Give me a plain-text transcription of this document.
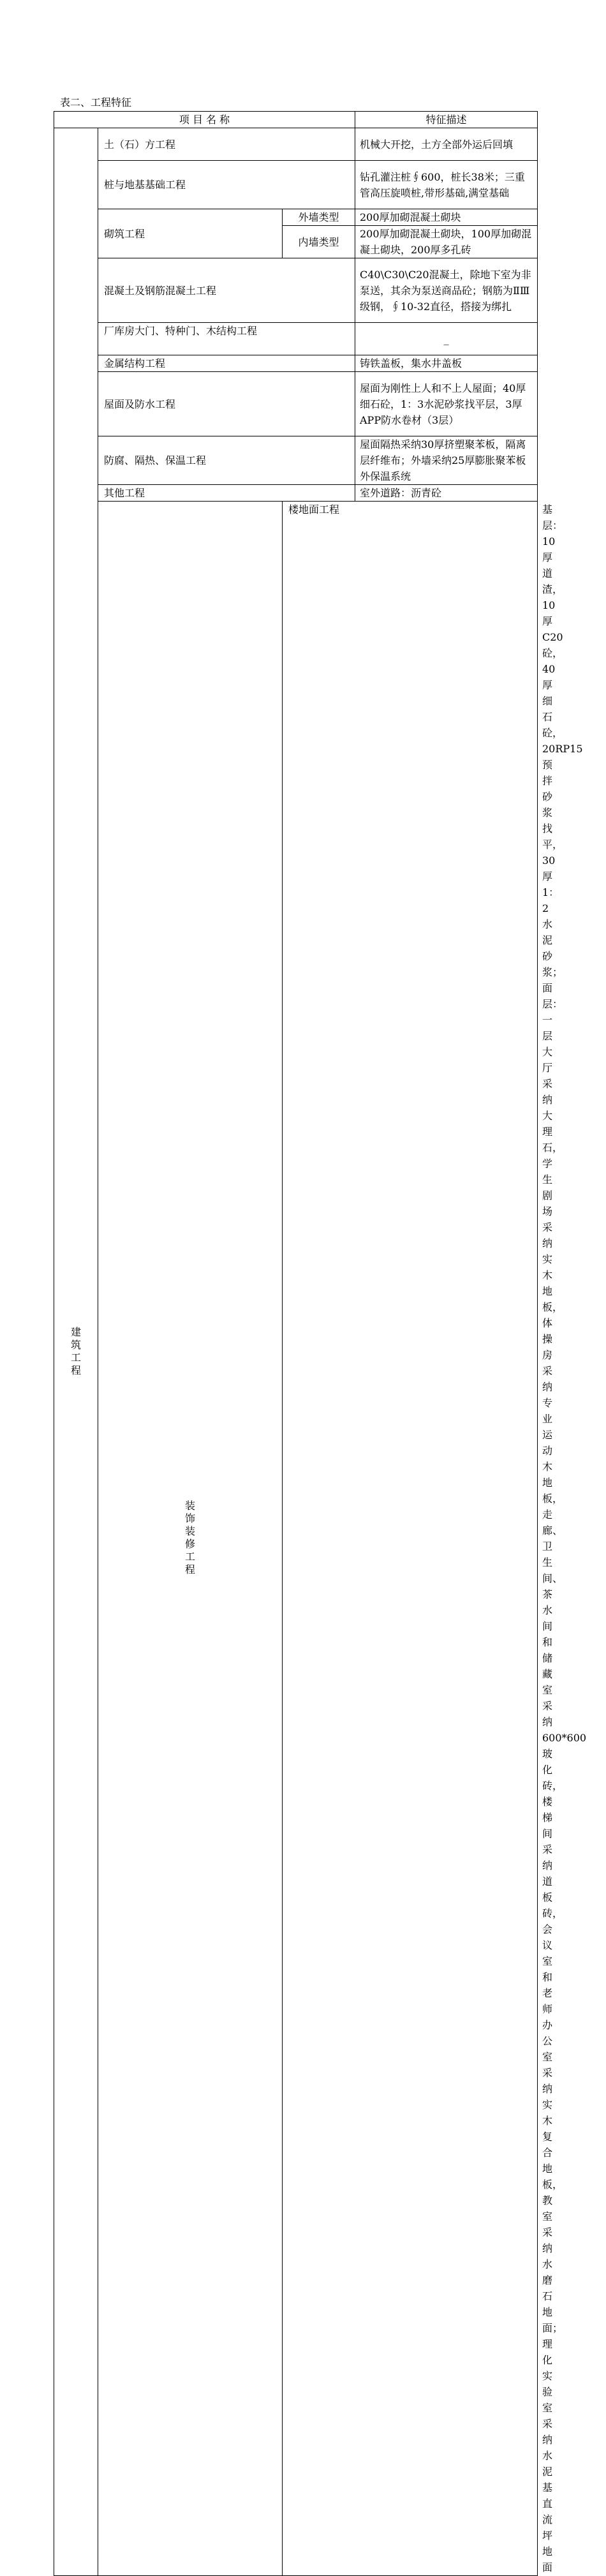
表二、工程特征
项 目 名 称			特征描述	
建筑工程	土（石）方工程		机械大开挖，土方全部外运后回填	
	桩与地基基础工程		钻孔灌注桩∮600，桩长38米；三重管高压旋喷桩,带形基础,满堂基础	
	砌筑工程	外墙类型	200厚加砌混凝土砌块	
		内墙类型	200厚加砌混凝土砌块，100厚加砌混凝土砌块，200厚多孔砖	
	混凝土及钢筋混凝土工程		C40\C30\C20混凝土，除地下室为非泵送，其余为泵送商品砼；钢筋为ⅡⅢ级钢，∮10-32直径，搭接为绑扎	
	厂库房大门、特种门、木结构工程		_	
	金属结构工程		铸铁盖板，集水井盖板	
	屋面及防水工程		屋面为刚性上人和不上人屋面；40厚细石砼，1：3水泥砂浆找平层，3厚APP防水卷材（3层）	
	防腐、隔热、保温工程		屋面隔热采纳30厚挤塑聚苯板，隔离层纤维布；外墙采纳25厚膨胀聚苯板外保温系统	
	其他工程		室外道路：沥青砼	
	装饰装修工程	楼地面工程		基层：10厚道渣，10厚C20砼，40厚细石砼，20RP15预拌砂浆找平，30厚1：2水泥砂浆；面层：一层大厅采纳大理石，学生剧场采纳实木地板，体操房采纳专业运动木地板，走廊、卫生间、茶水间和储藏室采纳600*600玻化砖，楼梯间采纳道板砖，会议室和老师办公室采纳实木复合地板，教室采纳水磨石地面；理化实验室采纳水泥基直流坪地面
